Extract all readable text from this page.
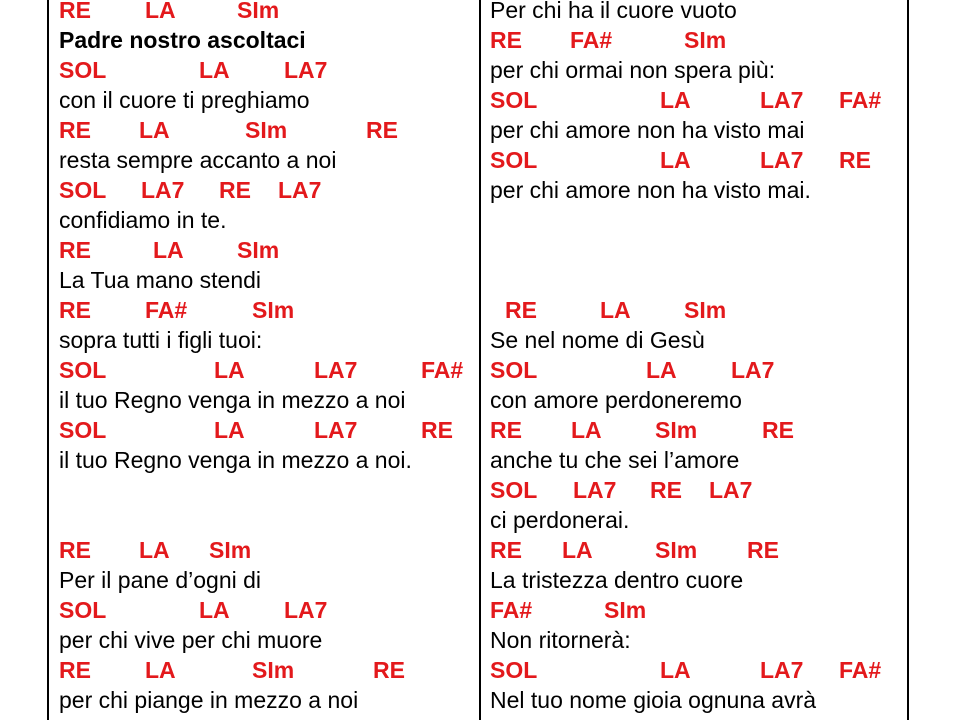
RE LA	SIm
Padre nostro ascoltaci
SOL	LA LA7
con il cuore ti preghiamo
RE LA	SIm	RE
resta sempre accanto a noi
SOL LA7 RE LA7
confidiamo in te.
RE	LA SIm
La Tua mano stendi
RE FA#	SIm
sopra tutti i figli tuoi:
SOL	LA	LA7	FA#
il tuo Regno venga in mezzo a noi
SOL	LA	LA7	RE
il tuo Regno venga in mezzo a noi.
RE LA SIm
Per il pane d’ogni di
SOL	LA LA7
per chi vive per chi muore
RE LA	SIm	RE
per chi piange in mezzo a noi
Per chi ha il cuore vuoto
RE FA#	SIm
per chi ormai non spera più:
SOL	LA	LA7 FA#
per chi amore non ha visto mai
SOL	LA	LA7 RE
per chi amore non ha visto mai.
RE	LA SIm
Se nel nome di Gesù
SOL	LA LA7
con amore perdoneremo
RE LA SIm	RE
anche tu che sei l’amore
SOL LA7 RE LA7
ci perdonerai.
RE LA	SIm RE
La tristezza dentro cuore
FA#	SIm
Non ritornerà:
SOL	LA	LA7 FA#
Nel tuo nome gioia ognuna avrà
